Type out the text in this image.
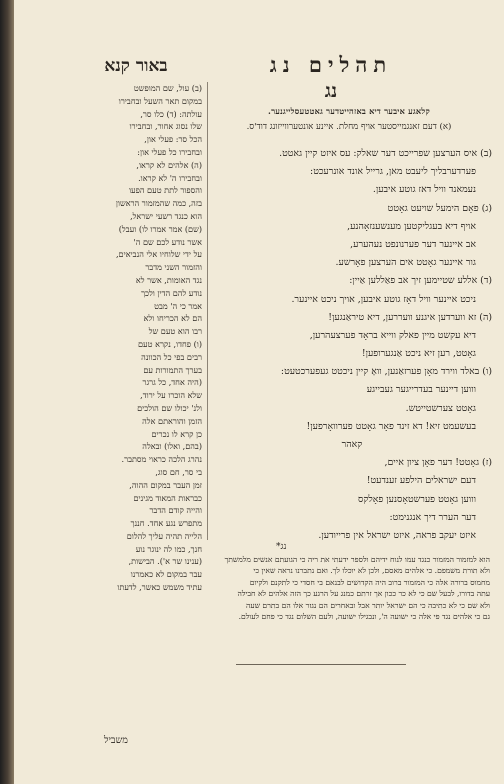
תהלים נג
באור קנא
נג
קלאגע איבער דיא באזהייטדער גאטטעסלייגנער.
(א) דעם זאנגמייסטער אויף מחלת. איינע אונטערווייזונג דוד'ס.
(ב) עול, שם המופשט
במקום תאר השעל ובחבירו
עולתה: (ד) כלו סר,
שלו נסוג אחור, ובחבירו
הכל סר: פעלי און,
ובחבירו כל פעלי און:
(ה) אלהים לא קראו,
ובחבירו ה' לא קראו.
והספור לתת טעם הפעו
בזה, כמה שהמזמור הראשון
הוא כנגד רשעי ישראל,
(שם) אמר אמרו לו) ועבל)
אשר נודע לכם שם ה'
על ידי שלוחיו אלי הנביאים,
והזמור השני מדבר
נגד האומות, אשר לא
נודע להם הדין ולכך
אמר כי ה' מבט
הם לא הכריחו ולא
רבו הוא טעם של
(ו) פחדו, נקרא טעם
רבים בפי כל הכוונה
בערך התמורות עם
(היה אחד, כל גרגר
שלא הוכרו על ירוד,
ולנ' יכולו שם הולכים
הזמן והוראתם אלה
כן קרא לו נכרים
(בהם, ואלו) ובאלה
נהרג הלכה כראוי מסתבר.
בי סר, חם סוג,
זמן העבר במקום ההוה,
כבראות המאוד מגינים
והייה קודם הדבר
מתפרש נגע אחד. חננך
הלייה תהיה עליך להלום
חנך, כמו לה ינוגר נוע
(ענינו שר א'). הבישות,
עבר במקום לא כאמרנו
עתיד משמש כאשר, לדעתו
(ב) איס הערצען שפרייכט דער שאלק: עס איזט קיין גאטט.
פערדערבליך ליעבט מאן, גרייל אונד אונרעכט:
נעמאנד וויל דאז גוטע איבען.
(ג) פאָם הימעל שויעט גאָטט
אויף דיא בעגליקטען מענשענזאָהנע,
אב איינער דער פערנונפט נעהערע,
גור איינער גאָטט אים הערצען פאָרשע.
(ד) אללע שטיימען זיך אב פאַללען אַיין:
ניכט איינער וויל דאָז גוטע איבען, אויך ניכט איינער.
(ה) זא ווערדען איגנע וועררען, דיא טיראַנגען!
דיא עקשט מיין פאלק ווייא בראָד פערצעהרען,
גאָטט, רען זיא ניכט אַנגערופען!
(ו) באלד ווירד מאָן פערזאַנען, וואָ קיין ניכטט געפערכטעט:
וווען דיינער בעדרייגער געבייגע
גאָטט צערשטייטש.
בעשעמט זיא! דא זינד פאָר גאָטט פערוואָרפען!
קאהר
(ז) גאָטט! דער פאָן ציון איים,
דעם ישראלים הילפע זענדעט!
וווען גאָטט פערשטאָסנען פאָלקס
דער הערר דיך אנגנימט:
איזט יעקב פראה, איזט ישראל אין פרייודען.
נג*
הוא למזמור המזמור כנגד עמו לנוח ידיהם ולספר ידעתי את ריה כי הגועתם אנשים מלמשתך
ולא תורת משמפם. כי אלהים מאסם, ולכן לא יוכלו לך. ואם נתברנו נראה שאין כי
מחמוס ברורה אלה כי המזמור ברוב היה הקדושים לבנאם בי חסדי כי לתקנם ולקיום
עתה בדורו, לבעל שם כי לא כר ככון אך זרתם כמנג על הרגע כך הזה אלהים לא חבילה
ולא שם כי לא כתיבה כי הם ישראל יותר אבל ובאחרים הם נגזר אלו הם בתרם שעה
גם כי אלהים נגד פי אלה כי ישועה ה', ונבגילו ישועה, ולעם השלום נגד כי פחם לעולם.
משביל
